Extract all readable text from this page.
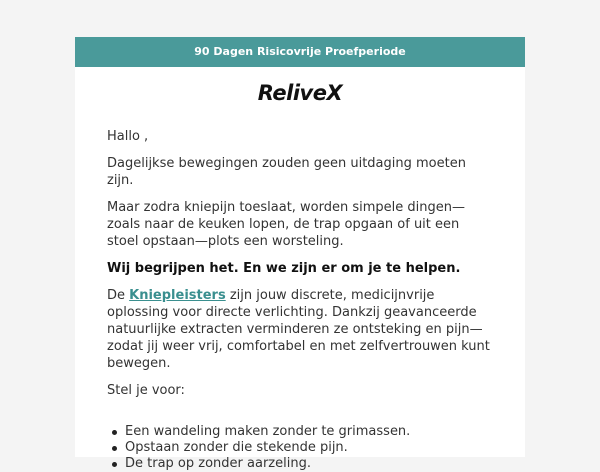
90 Dagen Risicovrije Proefperiode
ReliveX

Hallo ,

Dagelijkse bewegingen zouden geen uitdaging moeten zijn.

Maar zodra kniepijn toeslaat, worden simpele dingen—zoals naar de keuken lopen, de trap opgaan of uit een stoel opstaan—plots een worsteling.

Wij begrijpen het. En we zijn er om je te helpen.

De Kniepleisters zijn jouw discrete, medicijnvrije oplossing voor directe verlichting. Dankzij geavanceerde natuurlijke extracten verminderen ze ontsteking en pijn—zodat jij weer vrij, comfortabel en met zelfvertrouwen kunt bewegen.

Stel je voor:

Een wandeling maken zonder te grimassen.
Opstaan zonder die stekende pijn.
De trap op zonder aarzeling.
